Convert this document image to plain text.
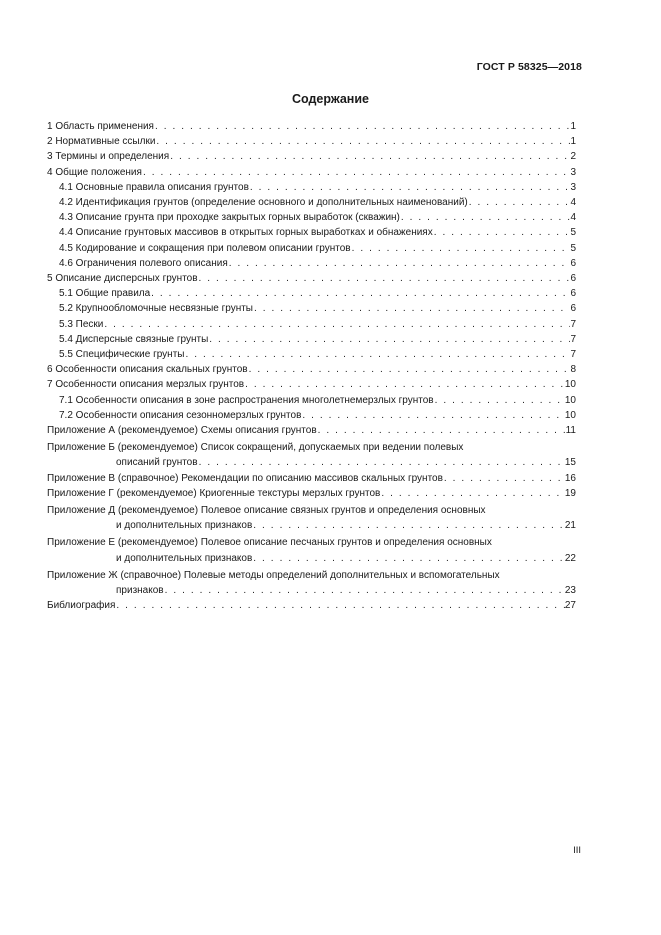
ГОСТ Р 58325—2018
Содержание
1 Область применения . . .	1
2 Нормативные ссылки . . .	1
3 Термины и определения . . .	2
4 Общие положения . . .	3
4.1 Основные правила описания грунтов . . .	3
4.2 Идентификация грунтов (определение основного и дополнительных наименований) . . .	4
4.3 Описание грунта при проходке закрытых горных выработок (скважин) . . .	4
4.4 Описание грунтовых массивов в открытых горных выработках и обнажениях . . .	5
4.5 Кодирование и сокращения при полевом описании грунтов . . .	5
4.6 Ограничения полевого описания . . .	6
5 Описание дисперсных грунтов . . .	6
5.1 Общие правила . . .	6
5.2 Крупнообломочные несвязные грунты . . .	6
5.3 Пески . . .	7
5.4 Дисперсные связные грунты . . .	7
5.5 Специфические грунты . . .	7
6 Особенности описания скальных грунтов . . .	8
7 Особенности описания мерзлых грунтов . . .	10
7.1 Особенности описания в зоне распространения многолетнемерзлых грунтов . . .	10
7.2 Особенности описания сезонномерзлых грунтов . . .	10
Приложение А (рекомендуемое) Схемы описания грунтов . . .	11
Приложение Б (рекомендуемое) Список сокращений, допускаемых при ведении полевых
описаний грунтов . . .	15
Приложение В (справочное) Рекомендации по описанию массивов скальных грунтов . . .	16
Приложение Г (рекомендуемое) Криогенные текстуры мерзлых грунтов . . .	19
Приложение Д (рекомендуемое) Полевое описание связных грунтов и определения основных
и дополнительных признаков . . .	21
Приложение Е (рекомендуемое) Полевое описание песчаных грунтов и определения основных
и дополнительных признаков . . .	22
Приложение Ж (справочное) Полевые методы определений дополнительных и вспомогательных
признаков . . .	23
Библиография . . .	27
III
